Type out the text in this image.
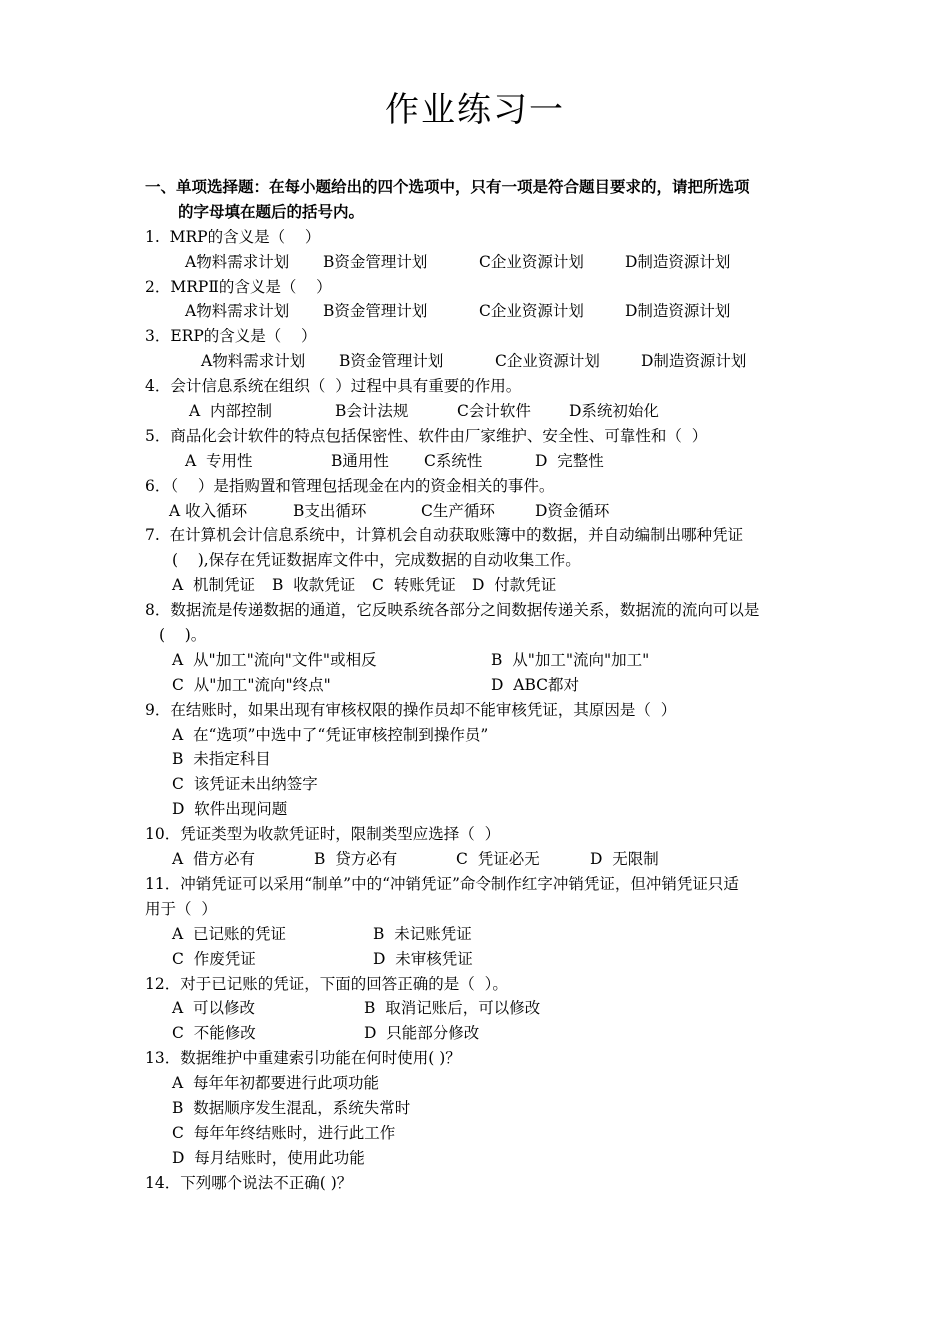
作业练习一
一、单项选择题：在每小题给出的四个选项中，只有一项是符合题目要求的，请把所选项
的字母填在题后的括号内。
1.  MRP的含义是（    ）
A物料需求计划 B资金管理计划	C企业资源计划	D制造资源计划
2．MRPⅡ的含义是（    ）
A物料需求计划 B资金管理计划	C企业资源计划	D制造资源计划
3．ERP的含义是（    ）
A物料需求计划 B资金管理计划	C企业资源计划	D制造资源计划
4．会计信息系统在组织（  ）过程中具有重要的作用。
A  内部控制	B会计法规	C会计软件 D系统初始化
5．商品化会计软件的特点包括保密性、软件由厂家维护、安全性、可靠性和（  ）
A  专用性	B通用性 C系统性	D  完整性
6．（    ）是指购置和管理包括现金在内的资金相关的事件。
A 收入循环	B支出循环	C生产循环	D资金循环
7.  在计算机会计信息系统中，计算机会自动获取账簿中的数据，并自动编制出哪种凭证
(    ),保存在凭证数据库文件中，完成数据的自动收集工作。
A  机制凭证 B  收款凭证 C  转账凭证 D  付款凭证
8．数据流是传递数据的通道，它反映系统各部分之间数据传递关系，数据流的流向可以是
(    )。
A  从"加工"流向"文件"或相反	B  从"加工"流向"加工"
C  从"加工"流向"终点"	D  ABC都对
9．在结账时，如果出现有审核权限的操作员却不能审核凭证，其原因是（  ）
A  在“选项”中选中了“凭证审核控制到操作员”
B  未指定科目
C  该凭证未出纳签字
D  软件出现问题
10．凭证类型为收款凭证时，限制类型应选择（  ）
A  借方必有	B  贷方必有	C  凭证必无	D  无限制
11．冲销凭证可以采用“制单”中的“冲销凭证”命令制作红字冲销凭证，但冲销凭证只适
用于（  ）
A  已记账的凭证	B  未记账凭证
C  作废凭证	D  未审核凭证
12．对于已记账的凭证，下面的回答正确的是（  ）。
A  可以修改	B  取消记账后，可以修改
C  不能修改	D  只能部分修改
13．数据维护中重建索引功能在何时使用( )？
A  每年年初都要进行此项功能
B  数据顺序发生混乱，系统失常时
C  每年年终结账时，进行此工作
D  每月结账时，使用此功能
14．下列哪个说法不正确( )？
